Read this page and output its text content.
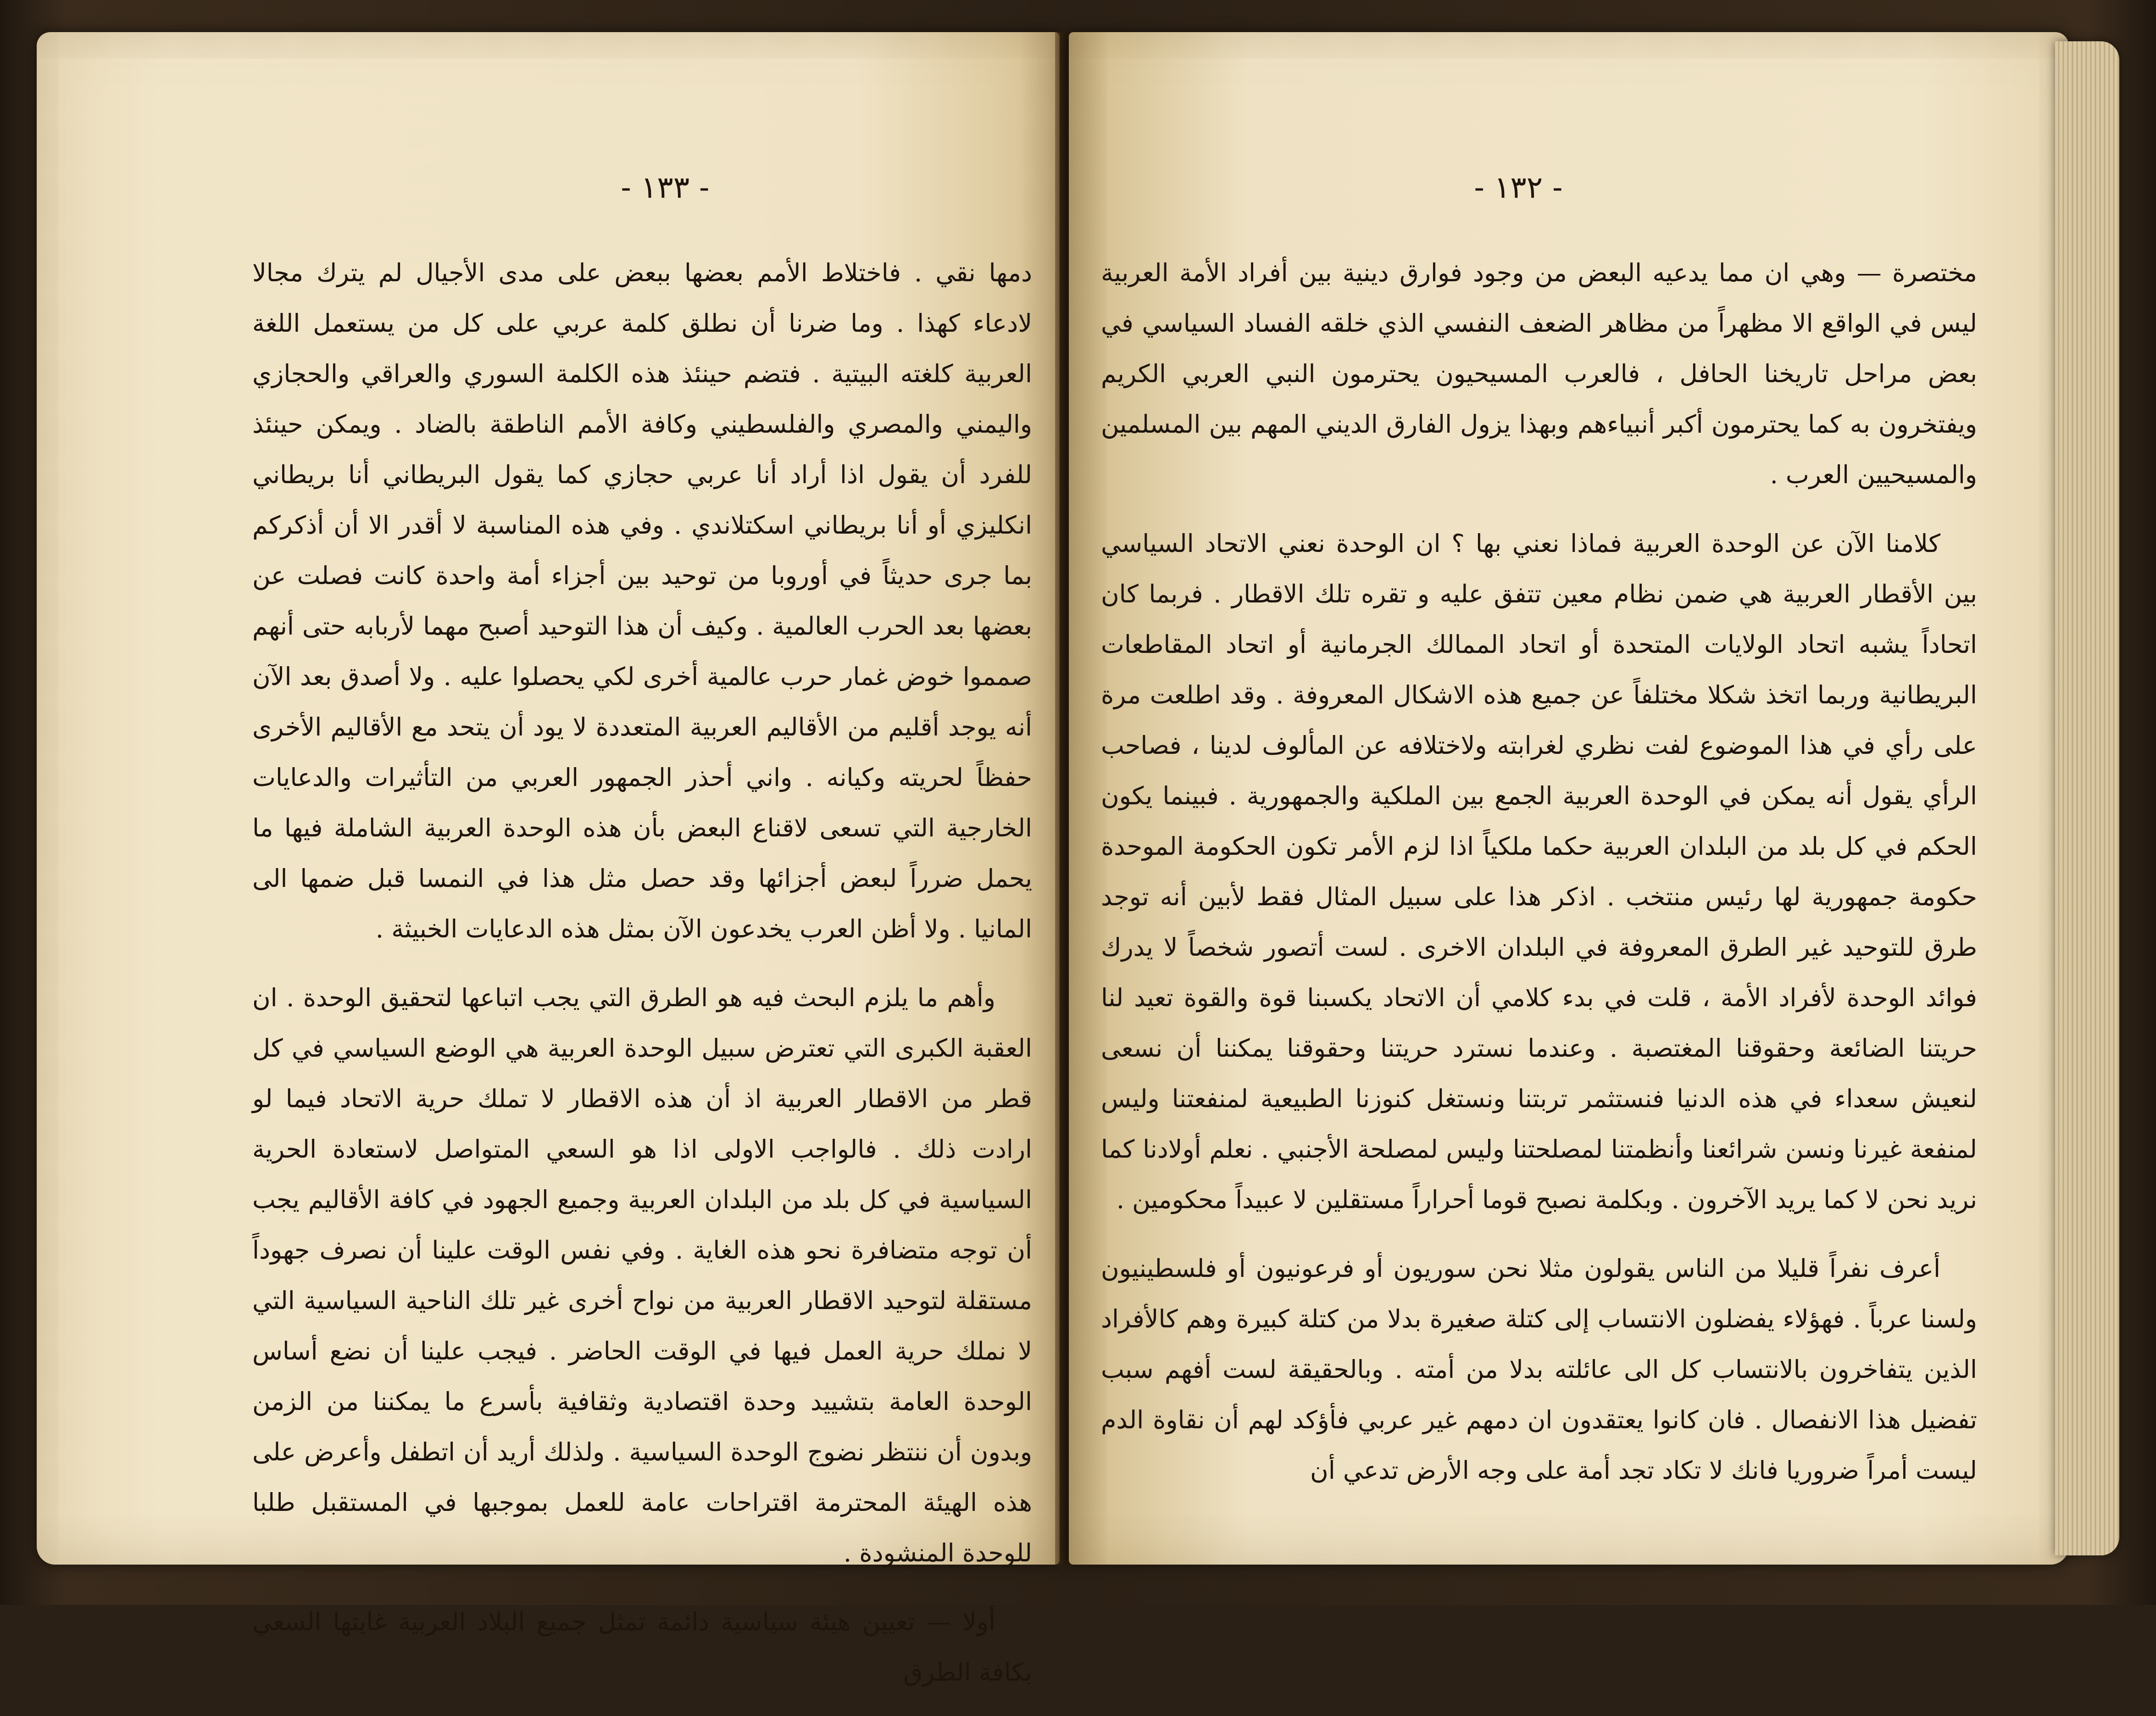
- ١٣٣ -

دمها نقي . فاختلاط الأمم بعضها ببعض على مدى الأجيال لم يترك مجالا لادعاء كهذا . وما ضرنا أن نطلق كلمة عربي على كل من يستعمل اللغة العربية كلغته البيتية . فتضم حينئذ هذه الكلمة السوري والعراقي والحجازي واليمني والمصري والفلسطيني وكافة الأمم الناطقة بالضاد . ويمكن حينئذ للفرد أن يقول اذا أراد أنا عربي حجازي كما يقول البريطاني أنا بريطاني انكليزي أو أنا بريطاني اسكتلاندي . وفي هذه المناسبة لا أقدر الا أن أذكركم بما جرى حديثاً في أوروبا من توحيد بين أجزاء أمة واحدة كانت فصلت عن بعضها بعد الحرب العالمية . وكيف أن هذا التوحيد أصبح مهما لأربابه حتى أنهم صمموا خوض غمار حرب عالمية أخرى لكي يحصلوا عليه . ولا أصدق بعد الآن أنه يوجد أقليم من الأقاليم العربية المتعددة لا يود أن يتحد مع الأقاليم الأخرى حفظاً لحريته وكيانه . واني أحذر الجمهور العربي من التأثيرات والدعايات الخارجية التي تسعى لاقناع البعض بأن هذه الوحدة العربية الشاملة فيها ما يحمل ضرراً لبعض أجزائها وقد حصل مثل هذا في النمسا قبل ضمها الى المانيا . ولا أظن العرب يخدعون الآن بمثل هذه الدعايات الخبيثة .

وأهم ما يلزم البحث فيه هو الطرق التي يجب اتباعها لتحقيق الوحدة . ان العقبة الكبرى التي تعترض سبيل الوحدة العربية هي الوضع السياسي في كل قطر من الاقطار العربية اذ أن هذه الاقطار لا تملك حرية الاتحاد فيما لو ارادت ذلك . فالواجب الاولى اذا هو السعي المتواصل لاستعادة الحرية السياسية في كل بلد من البلدان العربية وجميع الجهود في كافة الأقاليم يجب أن توجه متضافرة نحو هذه الغاية . وفي نفس الوقت علينا أن نصرف جهوداً مستقلة لتوحيد الاقطار العربية من نواح أخرى غير تلك الناحية السياسية التي لا نملك حرية العمل فيها في الوقت الحاضر . فيجب علينا أن نضع أساس الوحدة العامة بتشييد وحدة اقتصادية وثقافية بأسرع ما يمكننا من الزمن وبدون أن ننتظر نضوج الوحدة السياسية . ولذلك أريد أن اتطفل وأعرض على هذه الهيئة المحترمة اقتراحات عامة للعمل بموجبها في المستقبل طلبا للوحدة المنشودة .

أولا — تعيين هيئة سياسية دائمة تمثل جميع البلاد العربية غايتها السعي بكافة الطرق

- ١٣٢ -

مختصرة — وهي ان مما يدعيه البعض من وجود فوارق دينية بين أفراد الأمة العربية ليس في الواقع الا مظهراً من مظاهر الضعف النفسي الذي خلقه الفساد السياسي في بعض مراحل تاريخنا الحافل ، فالعرب المسيحيون يحترمون النبي العربي الكريم ويفتخرون به كما يحترمون أكبر أنبياءهم وبهذا يزول الفارق الديني المهم بين المسلمين والمسيحيين العرب .

كلامنا الآن عن الوحدة العربية فماذا نعني بها ؟ ان الوحدة نعني الاتحاد السياسي بين الأقطار العربية هي ضمن نظام معين تتفق عليه و تقره تلك الاقطار . فربما كان اتحاداً يشبه اتحاد الولايات المتحدة أو اتحاد الممالك الجرمانية أو اتحاد المقاطعات البريطانية وربما اتخذ شكلا مختلفاً عن جميع هذه الاشكال المعروفة . وقد اطلعت مرة على رأي في هذا الموضوع لفت نظري لغرابته ولاختلافه عن المألوف لدينا ، فصاحب الرأي يقول أنه يمكن في الوحدة العربية الجمع بين الملكية والجمهورية . فبينما يكون الحكم في كل بلد من البلدان العربية حكما ملكياً اذا لزم الأمر تكون الحكومة الموحدة حكومة جمهورية لها رئيس منتخب . اذكر هذا على سبيل المثال فقط لأبين أنه توجد طرق للتوحيد غير الطرق المعروفة في البلدان الاخرى . لست أتصور شخصاً لا يدرك فوائد الوحدة لأفراد الأمة ، قلت في بدء كلامي أن الاتحاد يكسبنا قوة والقوة تعيد لنا حريتنا الضائعة وحقوقنا المغتصبة . وعندما نسترد حريتنا وحقوقنا يمكننا أن نسعى لنعيش سعداء في هذه الدنيا فنستثمر تربتنا ونستغل كنوزنا الطبيعية لمنفعتنا وليس لمنفعة غيرنا ونسن شرائعنا وأنظمتنا لمصلحتنا وليس لمصلحة الأجنبي . نعلم أولادنا كما نريد نحن لا كما يريد الآخرون . وبكلمة نصبح قوما أحراراً مستقلين لا عبيداً محكومين .

أعرف نفراً قليلا من الناس يقولون مثلا نحن سوريون أو فرعونيون أو فلسطينيون ولسنا عرباً . فهؤلاء يفضلون الانتساب إلى كتلة صغيرة بدلا من كتلة كبيرة وهم كالأفراد الذين يتفاخرون بالانتساب كل الى عائلته بدلا من أمته . وبالحقيقة لست أفهم سبب تفضيل هذا الانفصال . فان كانوا يعتقدون ان دمهم غير عربي فأؤكد لهم أن نقاوة الدم ليست أمراً ضروريا فانك لا تكاد تجد أمة على وجه الأرض تدعي أن
